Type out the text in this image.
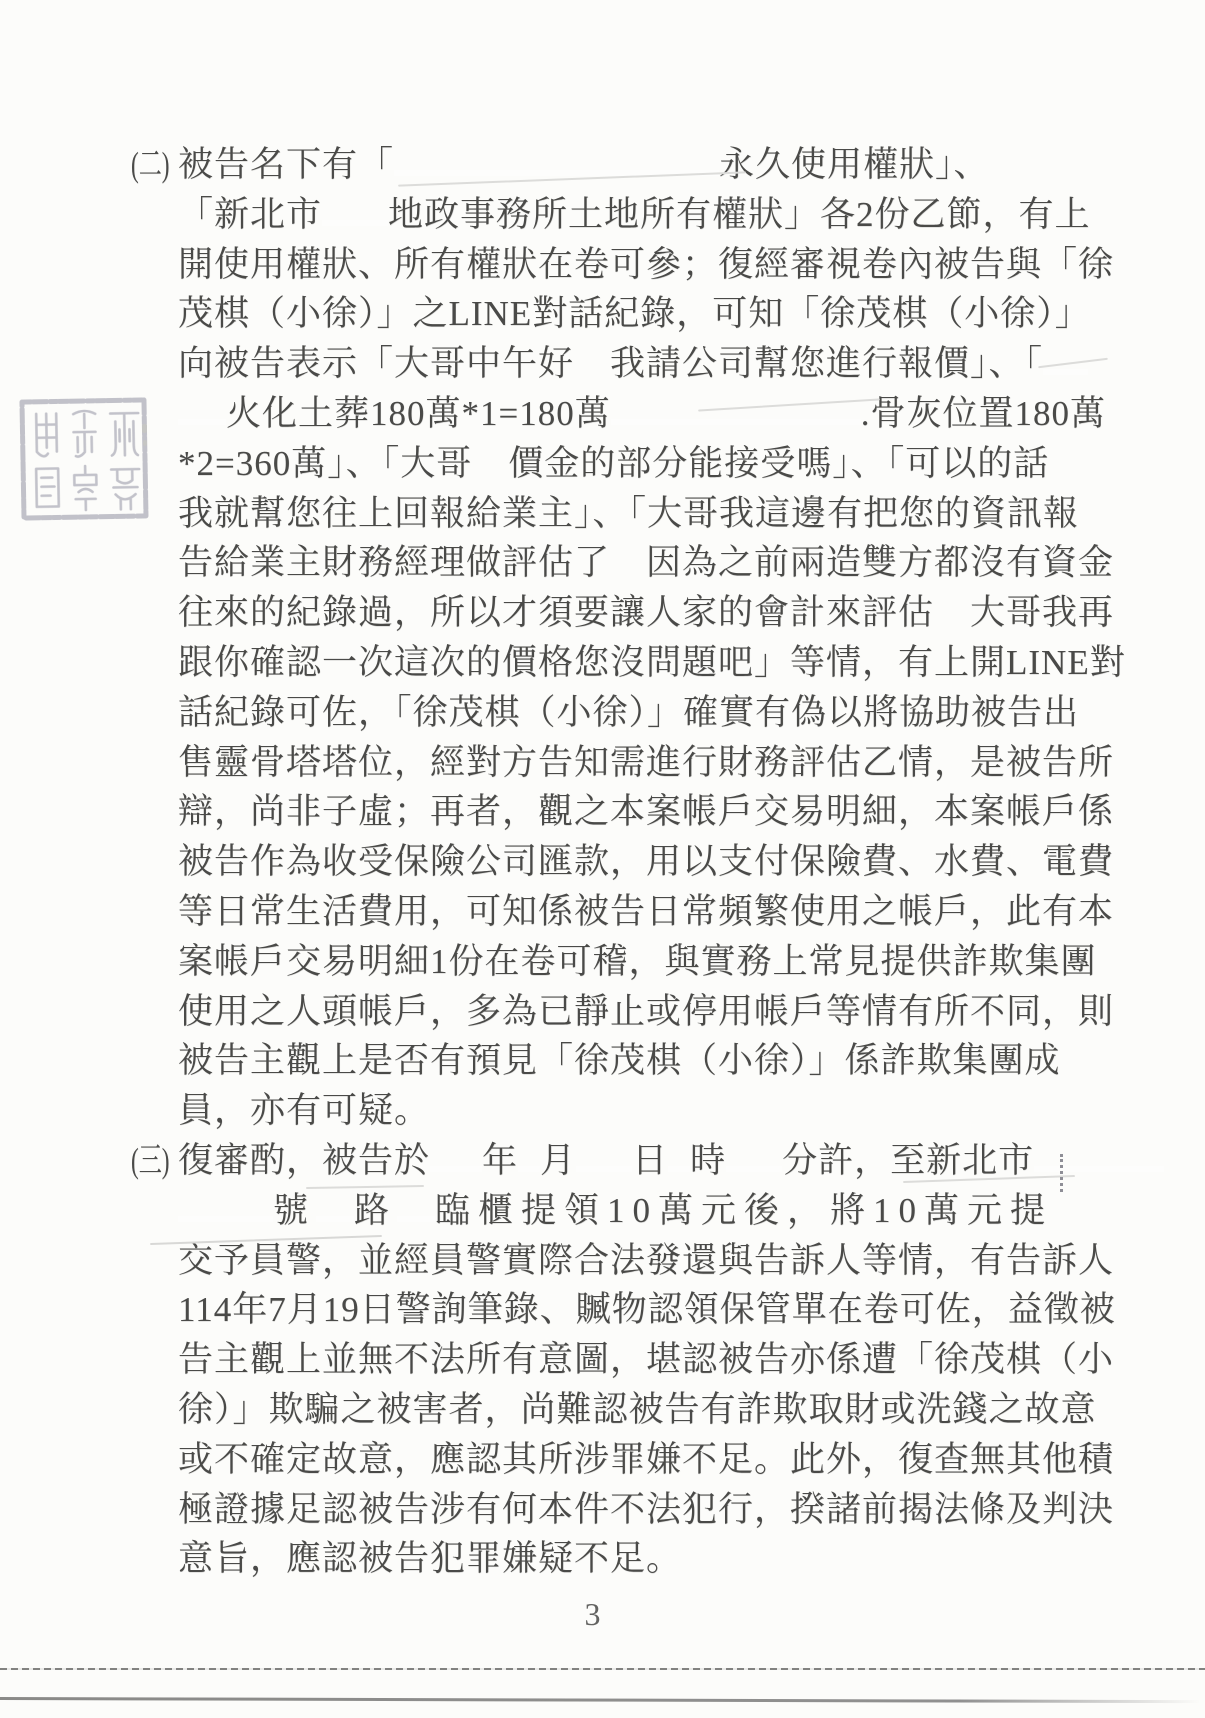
(二) 被告名下有「	永久使用權狀」、
「新北市 地政事務所土地所有權狀」各2份乙節，有上
開使用權狀、所有權狀在卷可參；復經審視卷內被告與「徐
茂棋（小徐）」之LINE對話紀錄，可知「徐茂棋（小徐）」
向被告表示「大哥中午好　我請公司幫您進行報價」、「
火化土葬180萬*1=180萬	.骨灰位置180萬
*2=360萬」、「大哥　價金的部分能接受嗎」、「可以的話
我就幫您往上回報給業主」、「大哥我這邊有把您的資訊報
告給業主財務經理做評估了　因為之前兩造雙方都沒有資金
往來的紀錄過，所以才須要讓人家的會計來評估　大哥我再
跟你確認一次這次的價格您沒問題吧」等情，有上開LINE對
話紀錄可佐，「徐茂棋（小徐）」確實有偽以將協助被告出
售靈骨塔塔位，經對方告知需進行財務評估乙情，是被告所
辯，尚非子虛；再者，觀之本案帳戶交易明細，本案帳戶係
被告作為收受保險公司匯款，用以支付保險費、水費、電費
等日常生活費用，可知係被告日常頻繁使用之帳戶，此有本
案帳戶交易明細1份在卷可稽，與實務上常見提供詐欺集團
使用之人頭帳戶，多為已靜止或停用帳戶等情有所不同，則
被告主觀上是否有預見「徐茂棋（小徐）」係詐欺集團成
員，亦有可疑。
(三) 復審酌，被告於 年 月 日 時 分許，至新北市
號 路 臨櫃提領10萬元後，將10萬元提
交予員警，並經員警實際合法發還與告訴人等情，有告訴人
114年7月19日警詢筆錄、贓物認領保管單在卷可佐，益徵被
告主觀上並無不法所有意圖，堪認被告亦係遭「徐茂棋（小
徐）」欺騙之被害者，尚難認被告有詐欺取財或洗錢之故意
或不確定故意，應認其所涉罪嫌不足。此外，復查無其他積
極證據足認被告涉有何本件不法犯行，揆諸前揭法條及判決
意旨，應認被告犯罪嫌疑不足。
3
